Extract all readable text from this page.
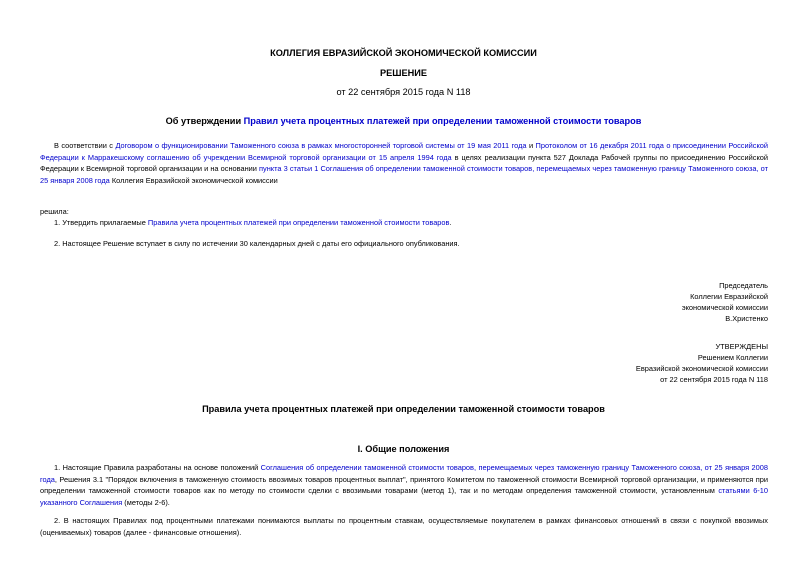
КОЛЛЕГИЯ ЕВРАЗИЙСКОЙ ЭКОНОМИЧЕСКОЙ КОМИССИИ
РЕШЕНИЕ
от 22 сентября 2015 года N 118
Об утверждении Правил учета процентных платежей при определении таможенной стоимости товаров
В соответствии с Договором о функционировании Таможенного союза в рамках многосторонней торговой системы от 19 мая 2011 года и Протоколом от 16 декабря 2011 года о присоединении Российской Федерации к Марракешскому соглашению об учреждении Всемирной торговой организации от 15 апреля 1994 года в целях реализации пункта 527 Доклада Рабочей группы по присоединению Российской Федерации к Всемирной торговой организации и на основании пункта 3 статьи 1 Соглашения об определении таможенной стоимости товаров, перемещаемых через таможенную границу Таможенного союза, от 25 января 2008 года Коллегия Евразийской экономической комиссии
решила:
1. Утвердить прилагаемые Правила учета процентных платежей при определении таможенной стоимости товаров.
2. Настоящее Решение вступает в силу по истечении 30 календарных дней с даты его официального опубликования.
Председатель
Коллегии Евразийской
экономической комиссии
В.Христенко
УТВЕРЖДЕНЫ
Решением Коллегии
Евразийской экономической комиссии
от 22 сентября 2015 года N 118
Правила учета процентных платежей при определении таможенной стоимости товаров
I. Общие положения
1. Настоящие Правила разработаны на основе положений Соглашения об определении таможенной стоимости товаров, перемещаемых через таможенную границу Таможенного союза, от 25 января 2008 года, Решения 3.1 "Порядок включения в таможенную стоимость ввозимых товаров процентных выплат", принятого Комитетом по таможенной стоимости Всемирной торговой организации, и применяются при определении таможенной стоимости товаров как по методу по стоимости сделки с ввозимыми товарами (метод 1), так и по методам определения таможенной стоимости, установленным статьями 6-10 указанного Соглашения (методы 2-6).
2. В настоящих Правилах под процентными платежами понимаются выплаты по процентным ставкам, осуществляемые покупателем в рамках финансовых отношений в связи с покупкой ввозимых (оцениваемых) товаров (далее - финансовые отношения).
